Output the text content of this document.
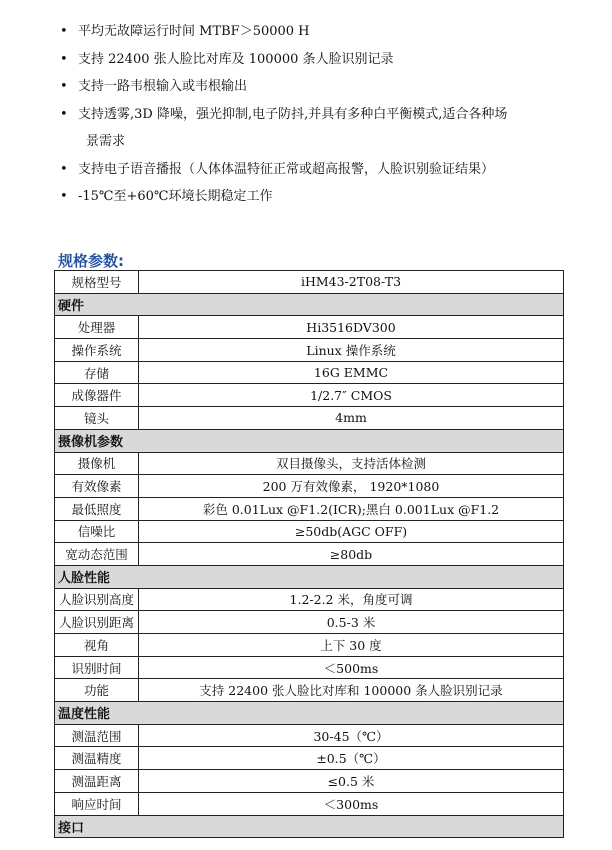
• 平均无故障运行时间 MTBF＞50000 H
• 支持 22400 张人脸比对库及 100000 条人脸识别记录
• 支持一路韦根输入或韦根输出
• 支持透雾,3D 降噪，强光抑制,电子防抖,并具有多种白平衡模式,适合各种场
景需求
• 支持电子语音播报（人体体温特征正常或超高报警，人脸识别验证结果）
• -15℃至+60℃环境长期稳定工作
规格参数:
规格型号	iHM43-2T08-T3
硬件	
处理器	Hi3516DV300
操作系统	Linux 操作系统
存储	16G EMMC
成像器件	1/2.7″ CMOS
镜头	4mm
摄像机参数	
摄像机	双目摄像头，支持活体检测
有效像素	200 万有效像素， 1920*1080
最低照度	彩色 0.01Lux @F1.2(ICR);黑白 0.001Lux @F1.2
信噪比	≥50db(AGC OFF)
宽动态范围	≥80db
人脸性能	
人脸识别高度	1.2-2.2 米，角度可调
人脸识别距离	0.5-3 米
视角	上下 30 度
识别时间	＜500ms
功能	支持 22400 张人脸比对库和 100000 条人脸识别记录
温度性能	
测温范围	30-45（℃）
测温精度	±0.5（℃）
测温距离	≤0.5 米
响应时间	＜300ms
接口	
